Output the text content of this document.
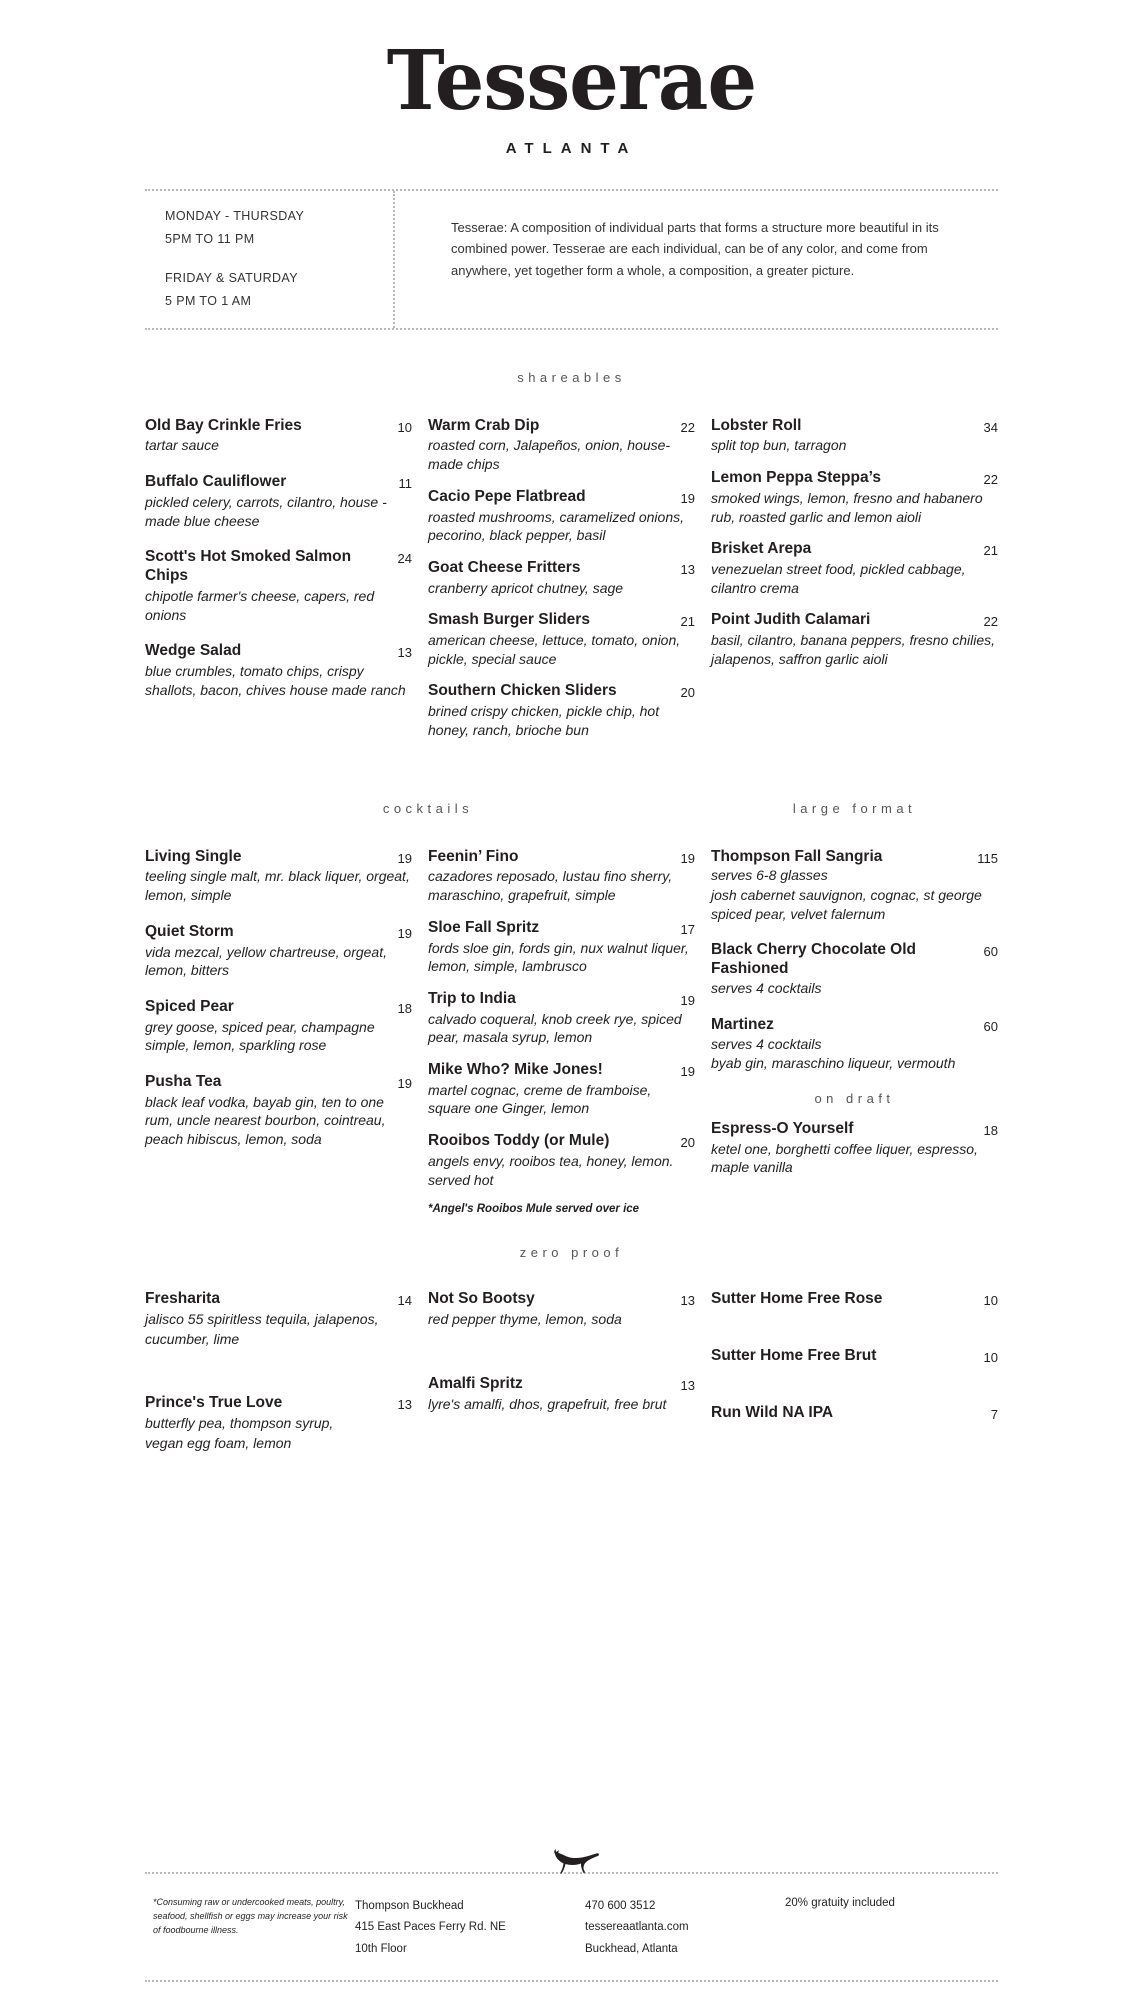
Tesserae
ATLANTA
MONDAY - THURSDAY
5PM TO 11 PM
FRIDAY & SATURDAY
5 PM TO 1 AM

Tesserae: A composition of individual parts that forms a structure more beautiful in its combined power. Tesserae are each individual, can be of any color, and come from anywhere, yet together form a whole, a composition, a greater picture.

shareables
Old Bay Crinkle Fries	10
tartar sauce
Buffalo Cauliflower	11
pickled celery, carrots, cilantro, house -made blue cheese
Scott's Hot Smoked Salmon Chips
24
chipotle farmer's cheese, capers, red onions
Wedge Salad	13
blue crumbles, tomato chips, crispy shallots, bacon, chives house made ranch
Warm Crab Dip	22
roasted corn, Jalapeños, onion, house-made chips
Cacio Pepe Flatbread	19
roasted mushrooms, caramelized onions, pecorino, black pepper, basil
Goat Cheese Fritters	13
cranberry apricot chutney, sage
Smash Burger Sliders	21
american cheese, lettuce, tomato, onion, pickle, special sauce
Southern Chicken Sliders	20
brined crispy chicken, pickle chip, hot honey, ranch, brioche bun
Lobster Roll	34
split top bun, tarragon
Lemon Peppa Steppa’s	22
smoked wings, lemon, fresno and habanero rub, roasted garlic and lemon aioli
Brisket Arepa	21
venezuelan street food, pickled cabbage, cilantro crema
Point Judith Calamari	22
basil, cilantro, banana peppers, fresno chilies, jalapenos, saffron garlic aioli
cocktails	large format
Living Single	19
teeling single malt, mr. black liquer, orgeat, lemon, simple
Quiet Storm	19
vida mezcal, yellow chartreuse, orgeat, lemon, bitters
Spiced Pear	18
grey goose, spiced pear, champagne simple, lemon, sparkling rose
Pusha Tea	19
black leaf vodka, bayab gin, ten to one rum, uncle nearest bourbon, cointreau, peach hibiscus, lemon, soda
Feenin’ Fino	19
cazadores reposado, lustau fino sherry, maraschino, grapefruit, simple
Sloe Fall Spritz	17
fords sloe gin, fords gin, nux walnut liquer, lemon, simple, lambrusco
Trip to India	19
calvado coqueral, knob creek rye, spiced pear, masala syrup, lemon
Mike Who? Mike Jones!	19
martel cognac, creme de framboise, square one Ginger, lemon
Rooibos Toddy (or Mule)	20
angels envy, rooibos tea, honey, lemon. served hot
*Angel's Rooibos Mule served over ice
Thompson Fall Sangria	115
serves 6-8 glasses
josh cabernet sauvignon, cognac, st george spiced pear, velvet falernum
Black Cherry Chocolate Old Fashioned
60
serves 4 cocktails
Martinez	60
serves 4 cocktails
byab gin, maraschino liqueur, vermouth
on draft
Espress-O Yourself	18
ketel one, borghetti coffee liquer, espresso, maple vanilla
zero proof
Fresharita	14
jalisco 55 spiritless tequila, jalapenos,
cucumber, lime
Prince's True Love	13
butterfly pea, thompson syrup,
vegan egg foam, lemon
Not So Bootsy	13
red pepper thyme, lemon, soda
Amalfi Spritz	13
lyre's amalfi, dhos, grapefruit, free brut
Sutter Home Free Rose	10
Sutter Home Free Brut	10
Run Wild NA IPA	7
*Consuming raw or undercooked meats, poultry, seafood, shellfish or eggs may increase your risk of foodbourne illness.
Thompson Buckhead
415 East Paces Ferry Rd. NE
10th Floor
470 600 3512
tessereaatlanta.com
Buckhead, Atlanta
20% gratuity included
